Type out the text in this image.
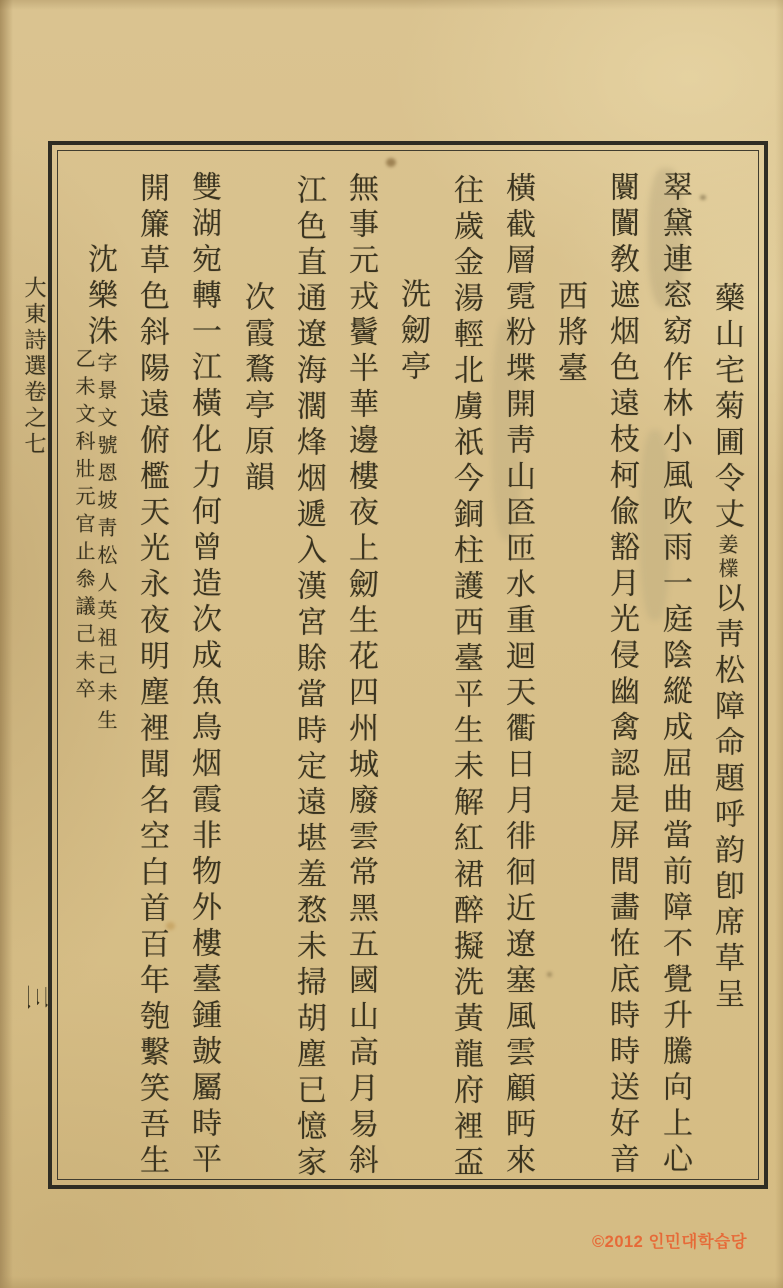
藥山宅菊圃令丈姜檏以靑松障命題呼韵卽席草呈
翠黛連窓窈作林小風吹雨一庭陰縱成屈曲當前障不覺升騰向上心
闤闠敎遮烟色遠枝柯偸豁月光侵幽禽認是屏間畵恠底時時送好音
西將臺
橫截層霓粉堞開靑山匼匝水重迴天衢日月徘徊近遼塞風雲顧眄來
往歲金湯輕北虜祇今銅柱護西臺平生未解紅裙醉擬洗黃龍府裡盃
洗劒亭
無事元戎鬢半華邊樓夜上劒生花四州城廢雲常黑五國山高月易斜
江色直通遼海濶烽烟遞入漢宮賖當時定遠堪羞愗未掃胡塵已憶家
次霞鶩亭原韻
雙湖宛轉一江橫化力何曾造次成魚鳥烟霞非物外樓臺鍾皷屬時平
開簾草色斜陽遠俯檻天光永夜明塵裡聞名空白首百年匏繫笑吾生
沈樂洙
字景文號恩坡靑松人英祖己未生
乙未文科壯元官止叅議己未卒
大東詩選卷之七
三
©2012 인민대학습당
